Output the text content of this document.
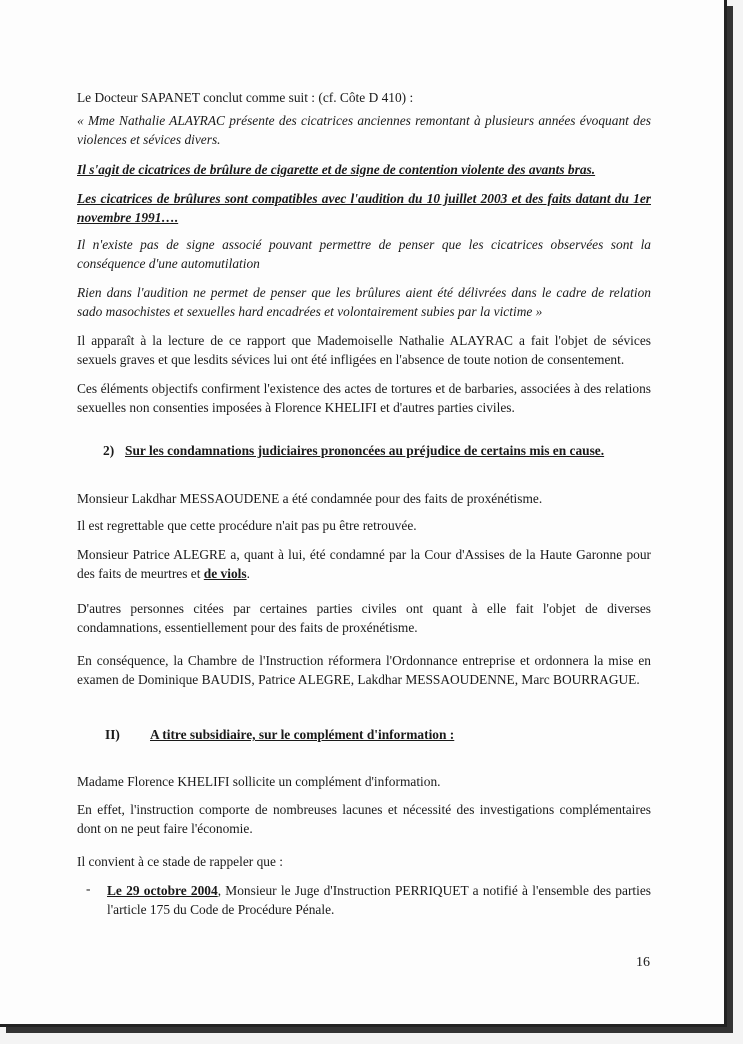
Le Docteur SAPANET conclut comme suit : (cf. Côte D 410) :
« Mme Nathalie ALAYRAC présente des cicatrices anciennes remontant à plusieurs années évoquant des violences et sévices divers.
Il s'agit de cicatrices de brûlure de cigarette et de signe de contention violente des avants bras.
Les cicatrices de brûlures sont compatibles avec l'audition du 10 juillet 2003 et des faits datant du 1er novembre 1991….
Il n'existe pas de signe associé pouvant permettre de penser que les cicatrices observées sont la conséquence d'une automutilation
Rien dans l'audition ne permet de penser que les brûlures aient été délivrées dans le cadre de relation sado masochistes et sexuelles hard encadrées et volontairement subies par la victime »
Il apparaît à la lecture de ce rapport que Mademoiselle Nathalie ALAYRAC a fait l'objet de sévices sexuels graves et que lesdits sévices lui ont été infligées en l'absence de toute notion de consentement.
Ces éléments objectifs confirment l'existence des actes de tortures et de barbaries, associées à des relations sexuelles non consenties imposées à Florence KHELIFI et d'autres parties civiles.
2) Sur les condamnations judiciaires prononcées au préjudice de certains mis en cause.
Monsieur Lakdhar MESSAOUDENE a été condamnée pour des faits de proxénétisme.
Il est regrettable que cette procédure n'ait pas pu être retrouvée.
Monsieur Patrice ALEGRE a, quant à lui, été condamné par la Cour d'Assises de la Haute Garonne pour des faits de meurtres et de viols.
D'autres personnes citées par certaines parties civiles ont quant à elle fait l'objet de diverses condamnations, essentiellement pour des faits de proxénétisme.
En conséquence, la Chambre de l'Instruction réformera l'Ordonnance entreprise et ordonnera la mise en examen de Dominique BAUDIS, Patrice ALEGRE, Lakdhar MESSAOUDENNE, Marc BOURRAGUE.
II) A titre subsidiaire, sur le complément d'information :
Madame Florence KHELIFI sollicite un complément d'information.
En effet, l'instruction comporte de nombreuses lacunes et nécessité des investigations complémentaires dont on ne peut faire l'économie.
Il convient à ce stade de rappeler que :
- Le 29 octobre 2004, Monsieur le Juge d'Instruction PERRIQUET a notifié à l'ensemble des parties l'article 175 du Code de Procédure Pénale.
16
